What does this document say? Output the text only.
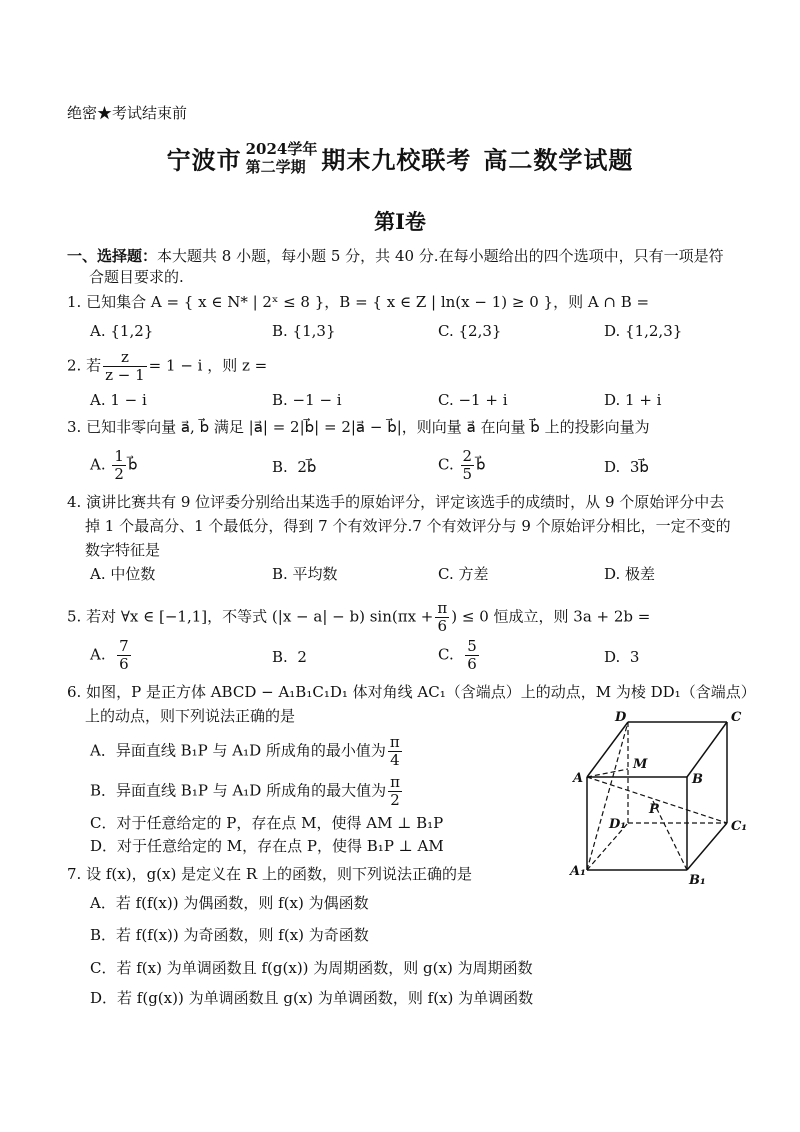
绝密★考试结束前
宁波市 2024学年
第二学期 期末九校联考 高二数学试题
第Ⅰ卷
一、选择题：本大题共 8 小题，每小题 5 分，共 40 分.在每小题给出的四个选项中，只有一项是符
合题目要求的.
1. 已知集合 A = { x ∈ N* | 2ˣ ≤ 8 }，B = { x ∈ Z | ln(x − 1) ≥ 0 }，则 A ∩ B =
A. {1,2}	B. {1,3}	C. {2,3}	D. {1,2,3}
2. 若 $\frac{z}{z - 1} = 1 - i$ ，则 z =
A. 1 − i	B. −1 − i	C. −1 + i	D. 1 + i
3. 已知非零向量 a⃗, b⃗ 满足 |a⃗| = 2|b⃗| = 2|a⃗ − b⃗|，则向量 a⃗ 在向量 b⃗ 上的投影向量为
A. $\frac{1}{2}$ b⃗	B. 2b⃗	C. $\frac{2}{5}$ b⃗	D. 3b⃗
4. 演讲比赛共有 9 位评委分别给出某选手的原始评分，评定该选手的成绩时，从 9 个原始评分中去
掉 1 个最高分、1 个最低分，得到 7 个有效评分.7 个有效评分与 9 个原始评分相比，一定不变的
数字特征是
A. 中位数	B. 平均数	C. 方差	D. 极差
5. 若对 ∀x ∈ [−1,1]，不等式 (|x − a| − b) $\sin(\pi x + \frac{\pi}{6}$ ) ≤ 0 恒成立，则 3a + 2b =
A. $\frac{7}{6}$	B. 2	C. $\frac{5}{6}$	D. 3
6. 如图，P 是正方体 ABCD − A₁B₁C₁D₁ 体对角线 AC₁（含端点）上的动点，M 为棱 DD₁（含端点）
上的动点，则下列说法正确的是
A．异面直线 B₁P 与 A₁D 所成角的最小值为 $\frac{\pi}{4}$
B．异面直线 B₁P 与 A₁D 所成角的最大值为 $\frac{\pi}{2}$
C．对于任意给定的 P，存在点 M，使得 AM ⊥ B₁P
D．对于任意给定的 M，存在点 P，使得 B₁P ⊥ AM
D	C
A
M
B
P
D₁	C₁
A₁
B₁
7. 设 f(x)，g(x) 是定义在 R 上的函数，则下列说法正确的是
A．若 f(f(x)) 为偶函数，则 f(x) 为偶函数
B．若 f(f(x)) 为奇函数，则 f(x) 为奇函数
C．若 f(x) 为单调函数且 f(g(x)) 为周期函数，则 g(x) 为周期函数
D．若 f(g(x)) 为单调函数且 g(x) 为单调函数，则 f(x) 为单调函数
